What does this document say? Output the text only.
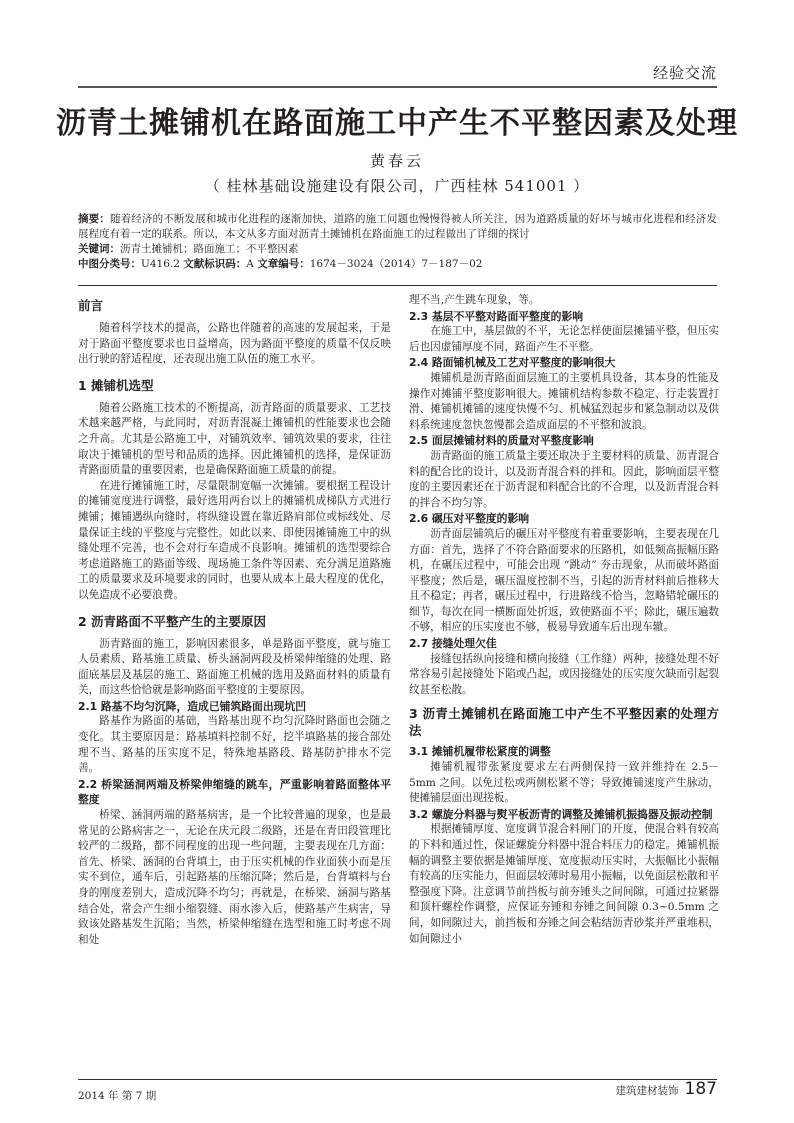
经验交流
沥青土摊铺机在路面施工中产生不平整因素及处理
黄春云
（ 桂林基础设施建设有限公司，广西桂林 541001 ）

摘要：随着经济的不断发展和城市化进程的逐渐加快，道路的施工问题也慢慢得被人所关注，因为道路质量的好坏与城市化进程和经济发展程度有着一定的联系。所以，本文从多方面对沥青土摊铺机在路面施工的过程做出了详细的探讨

关键词：沥青土摊铺机；路面施工；不平整因素

中图分类号：U416.2 文献标识码：A 文章编号：1674－3024（2014）7－187－02

前言

随着科学技术的提高，公路也伴随着的高速的发展起来，于是对于路面平整度要求也日益增高，因为路面平整度的质量不仅反映出行驶的舒适程度，还表现出施工队伍的施工水平。

1 摊铺机选型

随着公路施工技术的不断提高，沥青路面的质量要求、工艺技术越来越严格，与此同时，对沥青混凝土摊铺机的性能要求也会随之升高。尤其是公路施工中，对铺筑效率、铺筑效果的要求，往往取决于摊铺机的型号和品质的选择。因此摊铺机的选择，是保证沥青路面质量的重要因素，也是确保路面施工质量的前提。

在进行摊铺施工时，尽量限制宽幅一次摊铺。要根据工程设计的摊铺宽度进行调整，最好选用两台以上的摊铺机成梯队方式进行摊铺；摊铺遇纵向缝时，将纵缝设置在靠近路肩部位或标线处、尽量保证主线的平整度与完整性。如此以来、即使因摊铺施工中的纵缝处理不完善，也不会对行车造成不良影响。摊铺机的选型要综合考虑道路施工的路面等级、现场施工条件等因素、充分满足道路施工的质量要求及环境要求的同时，也要从成本上最大程度的优化，以免造成不必要浪费。

2 沥青路面不平整产生的主要原因

沥青路面的施工，影响因素很多，单是路面平整度，就与施工人员素质、路基施工质量、桥头涵洞两段及桥梁伸缩缝的处理、路面底基层及基层的施工、路面施工机械的选用及路面材料的质量有关，而这些恰恰就是影响路面平整度的主要原因。

2.1 路基不均匀沉降，造成已铺筑路面出现坑凹

路基作为路面的基础，当路基出现不均匀沉降时路面也会随之变化。其主要原因是：路基填料控制不好，挖半填路基的接合部处理不当、路基的压实度不足，特殊地基路段、路基防护排水不完善。

2.2 桥梁涵洞两端及桥梁伸缩缝的跳车，严重影响着路面整体平整度

桥梁、涵洞两端的路基病害，是一个比较普遍的现象，也是最常见的公路病害之一，无论在庆元段二级路，还是在青田段管理比较严的二级路，都不同程度的出现一些问题，主要表现在几方面：首先、桥梁、涵洞的台背填土，由于压实机械的作业面狭小而是压实不到位，通车后，引起路基的压缩沉降；然后是，台背填料与台身的刚度差别大，造成沉降不均匀；再就是，在桥梁、涵洞与路基结合处，常会产生细小缩裂缝、雨水渗入后，使路基产生病害，导致该处路基发生沉陷；当然，桥梁伸缩缝在选型和施工时考虑不周和处

理不当,产生跳车现象，等。

2.3 基层不平整对路面平整度的影响

在施工中，基层做的不平，无论怎样使面层摊铺平整，但压实后也因虚铺厚度不同，路面产生不平整。

2.4 路面铺机械及工艺对平整度的影响很大

摊铺机是沥青路面面层施工的主要机具设备，其本身的性能及操作对摊铺平整度影响很大。摊铺机结构参数不稳定、行走装置打滑、摊铺机摊铺的速度快慢不匀、机械猛烈起步和紧急制动以及供料系统速度忽快忽慢都会造成面层的不平整和波浪。

2.5 面层摊铺材料的质量对平整度影响

沥青路面的施工质量主要还取决于主要材料的质量、沥青混合料的配合比的设计，以及沥青混合料的拌和。因此，影响面层平整度的主要因素还在于沥青混和料配合比的不合理，以及沥青混合料的拌合不均匀等。

2.6 碾压对平整度的影响

沥青面层铺筑后的碾压对平整度有着重要影响，主要表现在几方面：首先，选择了不符合路面要求的压路机，如低频高振幅压路机，在碾压过程中，可能会出现 “跳动” 夯击现象，从而破坏路面平整度；然后是，碾压温度控制不当，引起的沥青材料前后推移大且不稳定；再者，碾压过程中，行进路线不恰当，忽略错轮碾压的细节，每次在同一横断面处折返，致使路面不平；除此，碾压遍数不够，相应的压实度也不够，极易导致通车后出现车辙。

2.7 接缝处理欠佳

接缝包括纵向接缝和横向接缝（工作缝）两种，接缝处理不好常容易引起接缝处下陷或凸起，或因接缝处的压实度欠缺而引起裂纹甚至松散。

3 沥青土摊铺机在路面施工中产生不平整因素的处理方法
3.1 摊铺机履带松紧度的调整

摊铺机履带张紧度要求左右两侧保持一致并维持在 2.5－5mm 之间。以免过松或两侧松紧不等；导致摊铺速度产生脉动，使摊铺层面出现搓板。

3.2 螺旋分料器与熨平板沥青的调整及摊铺机振捣器及振动控制

根据摊铺厚度、宽度调节混合料闸门的开度，使混合料有较高的下料和通过性，保证螺旋分料器中混合料压力的稳定。摊铺机振幅的调整主要依据是摊铺厚度、宽度振动压实时，大振幅比小振幅有较高的压实能力，但面层较薄时易用小振幅，以免面层松散和平整强度下降。注意调节前挡板与前夯锤头之间间隙，可通过拉紧器和顶杆螺栓作调整，应保证夯锤和夯锤之间间隙 0.3~0.5mm 之间，如间隙过大，前挡板和夯锤之间会粘结沥青砂浆并严重堆积，如间隙过小

2014 年 第 7 期	建筑建材装饰 187
